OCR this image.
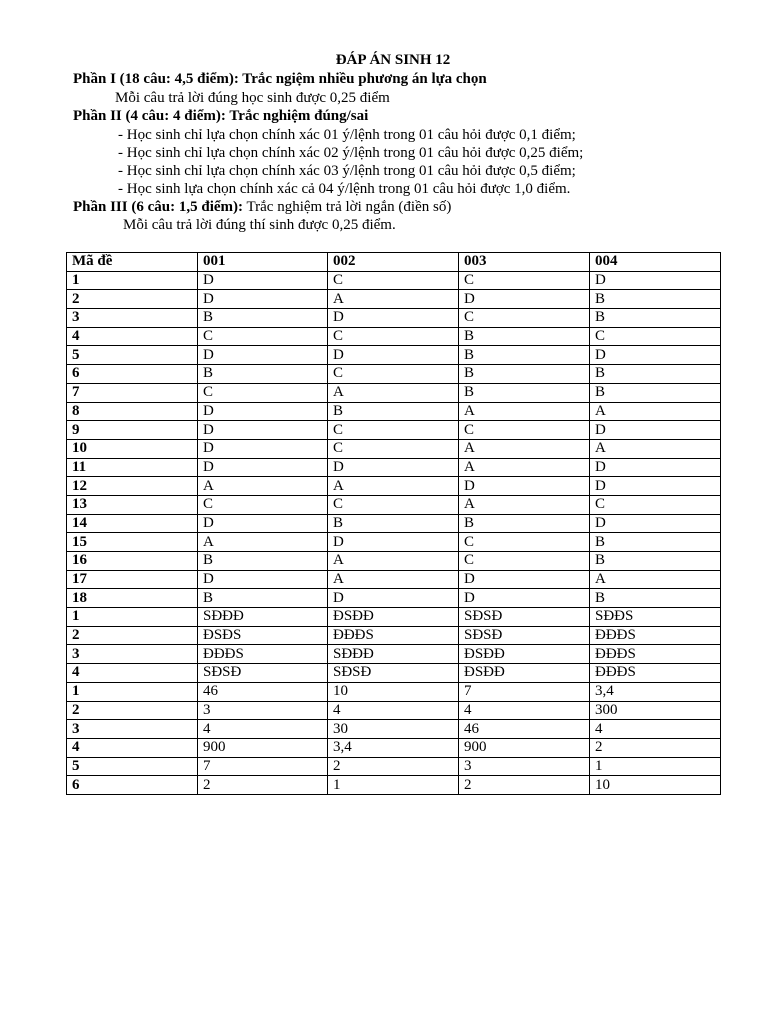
ĐÁP ÁN SINH 12
Phần I (18 câu: 4,5 điểm): Trắc ngiệm nhiều phương án lựa chọn
Mỗi câu trả lời đúng học sinh được 0,25 điểm
Phần II (4 câu: 4 điểm): Trắc nghiệm đúng/sai
- Học sinh chỉ lựa chọn chính xác 01 ý/lệnh trong 01 câu hỏi được 0,1 điểm;
- Học sinh chỉ lựa chọn chính xác 02 ý/lệnh trong 01 câu hỏi được 0,25 điểm;
- Học sinh chỉ lựa chọn chính xác 03 ý/lệnh trong 01 câu hỏi được 0,5 điểm;
- Học sinh lựa chọn chính xác cả 04 ý/lệnh trong 01 câu hỏi được 1,0 điểm.
Phần III (6 câu: 1,5 điểm): Trắc nghiệm trả lời ngắn (điền số)
Mỗi câu trả lời đúng thí sinh được 0,25 điểm.
Mã đề	001	002	003	004
1	D	C	C	D
2	D	A	D	B
3	B	D	C	B
4	C	C	B	C
5	D	D	B	D
6	B	C	B	B
7	C	A	B	B
8	D	B	A	A
9	D	C	C	D
10	D	C	A	A
11	D	D	A	D
12	A	A	D	D
13	C	C	A	C
14	D	B	B	D
15	A	D	C	B
16	B	A	C	B
17	D	A	D	A
18	B	D	D	B
1	SĐĐĐ	ĐSĐĐ	SĐSĐ	SĐĐS
2	ĐSĐS	ĐĐĐS	SĐSĐ	ĐĐĐS
3	ĐĐĐS	SĐĐĐ	ĐSĐĐ	ĐĐĐS
4	SĐSĐ	SĐSĐ	ĐSĐĐ	ĐĐĐS
1	46	10	7	3,4
2	3	4	4	300
3	4	30	46	4
4	900	3,4	900	2
5	7	2	3	1
6	2	1	2	10
